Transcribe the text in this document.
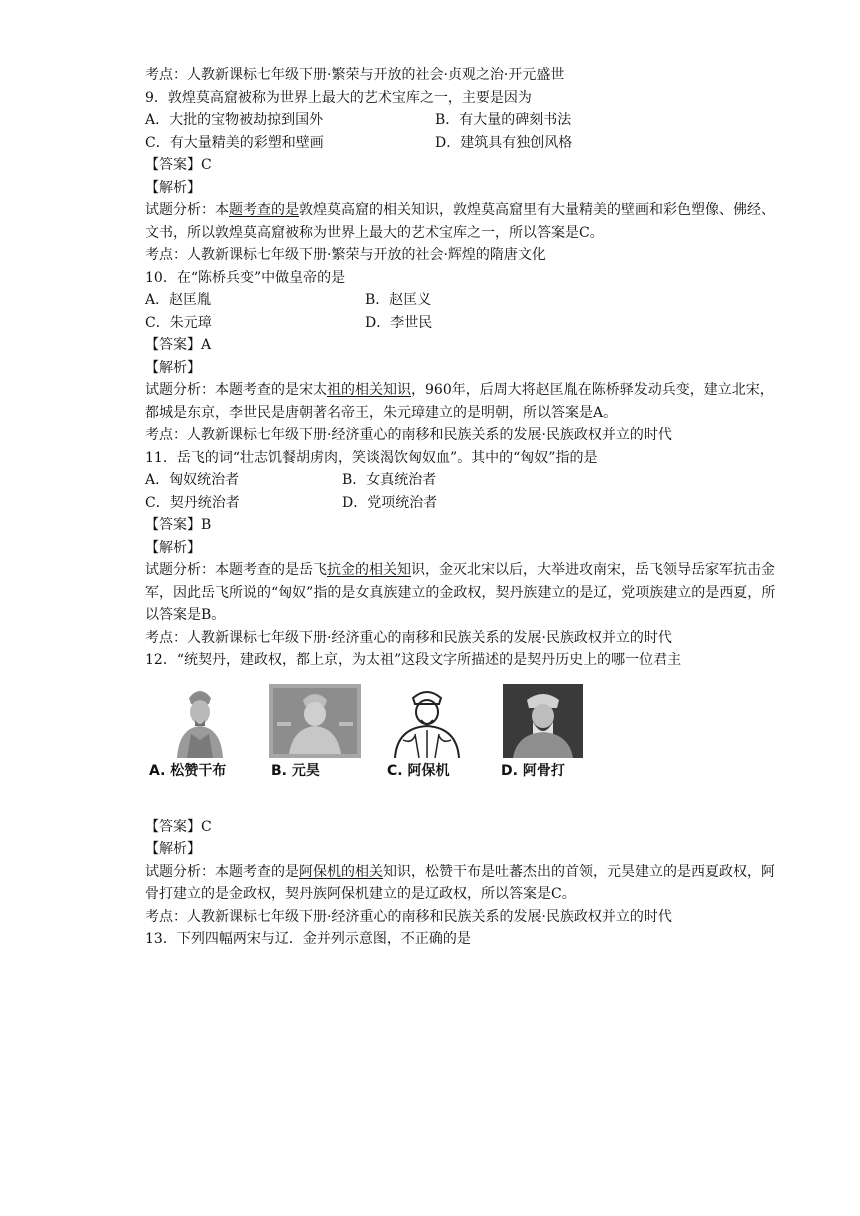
考点：人教新课标七年级下册·繁荣与开放的社会·贞观之治·开元盛世
9．敦煌莫高窟被称为世界上最大的艺术宝库之一，主要是因为
A．大批的宝物被劫掠到国外	B．有大量的碑刻书法
C．有大量精美的彩塑和壁画	D．建筑具有独创风格
【答案】C
【解析】
试题分析：本题考查的是敦煌莫高窟的相关知识，敦煌莫高窟里有大量精美的壁画和彩色塑像、佛经、文书，所以敦煌莫高窟被称为世界上最大的艺术宝库之一，所以答案是C。
考点：人教新课标七年级下册·繁荣与开放的社会·辉煌的隋唐文化
10．在“陈桥兵变”中做皇帝的是
A．赵匡胤	B．赵匡义
C．朱元璋	D．李世民
【答案】A
【解析】
试题分析：本题考查的是宋太祖的相关知识，960年，后周大将赵匡胤在陈桥驿发动兵变，建立北宋，都城是东京，李世民是唐朝著名帝王，朱元璋建立的是明朝，所以答案是A。
考点：人教新课标七年级下册·经济重心的南移和民族关系的发展·民族政权并立的时代
11．岳飞的词“壮志饥餐胡虏肉，笑谈渴饮匈奴血”。其中的“匈奴”指的是
A．匈奴统治者	B．女真统治者
C．契丹统治者	D．党项统治者
【答案】B
【解析】
试题分析：本题考查的是岳飞抗金的相关知识，金灭北宋以后，大举进攻南宋，岳飞领导岳家军抗击金军，因此岳飞所说的“匈奴”指的是女真族建立的金政权，契丹族建立的是辽，党项族建立的是西夏，所以答案是B。
考点：人教新课标七年级下册·经济重心的南移和民族关系的发展·民族政权并立的时代
12．“统契丹，建政权，都上京，为太祖”这段文字所描述的是契丹历史上的哪一位君主
A. 松赞干布	B. 元昊	C. 阿保机	D. 阿骨打
【答案】C
【解析】
试题分析：本题考查的是阿保机的相关知识，松赞干布是吐蕃杰出的首领，元昊建立的是西夏政权，阿骨打建立的是金政权，契丹族阿保机建立的是辽政权，所以答案是C。
考点：人教新课标七年级下册·经济重心的南移和民族关系的发展·民族政权并立的时代
13．下列四幅两宋与辽．金并列示意图，不正确的是
